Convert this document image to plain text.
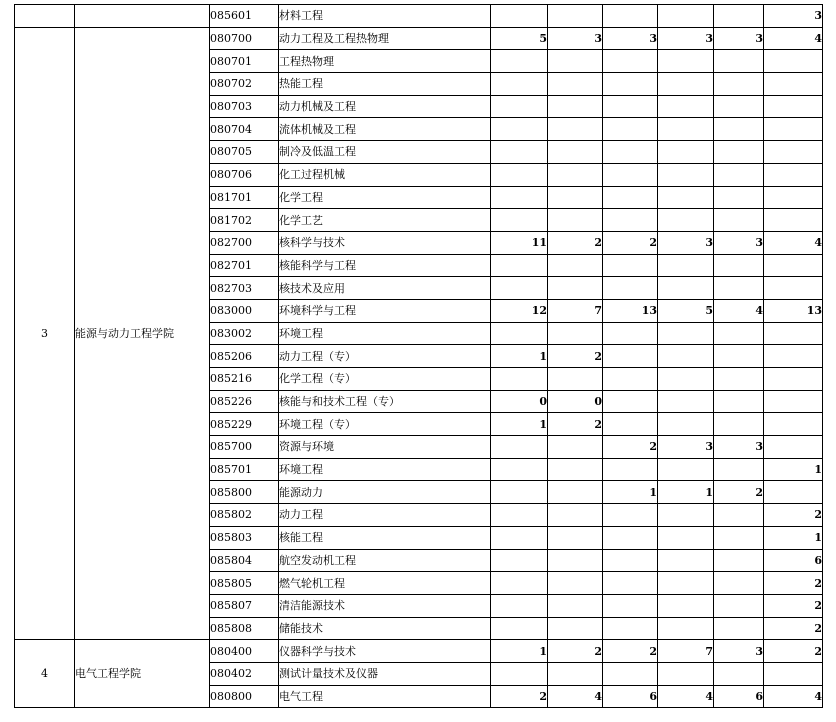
		085601	材料工程						3
3	能源与动力工程学院	080700	动力工程及工程热物理	5	3	3	3	3	4
		080701	工程热物理						
		080702	热能工程						
		080703	动力机械及工程						
		080704	流体机械及工程						
		080705	制冷及低温工程						
		080706	化工过程机械						
		081701	化学工程						
		081702	化学工艺						
		082700	核科学与技术	11	2	2	3	3	4
		082701	核能科学与工程						
		082703	核技术及应用						
		083000	环境科学与工程	12	7	13	5	4	13
		083002	环境工程						
		085206	动力工程（专）	1	2				
		085216	化学工程（专）						
		085226	核能与和技术工程（专）	0	0				
		085229	环境工程（专）	1	2				
		085700	资源与环境			2	3	3	
		085701	环境工程						1
		085800	能源动力			1	1	2	
		085802	动力工程						2
		085803	核能工程						1
		085804	航空发动机工程						6
		085805	燃气轮机工程						2
		085807	清洁能源技术						2
		085808	储能技术						2
4	电气工程学院	080400	仪器科学与技术	1	2	2	7	3	2
		080402	测试计量技术及仪器						
		080800	电气工程	2	4	6	4	6	4
